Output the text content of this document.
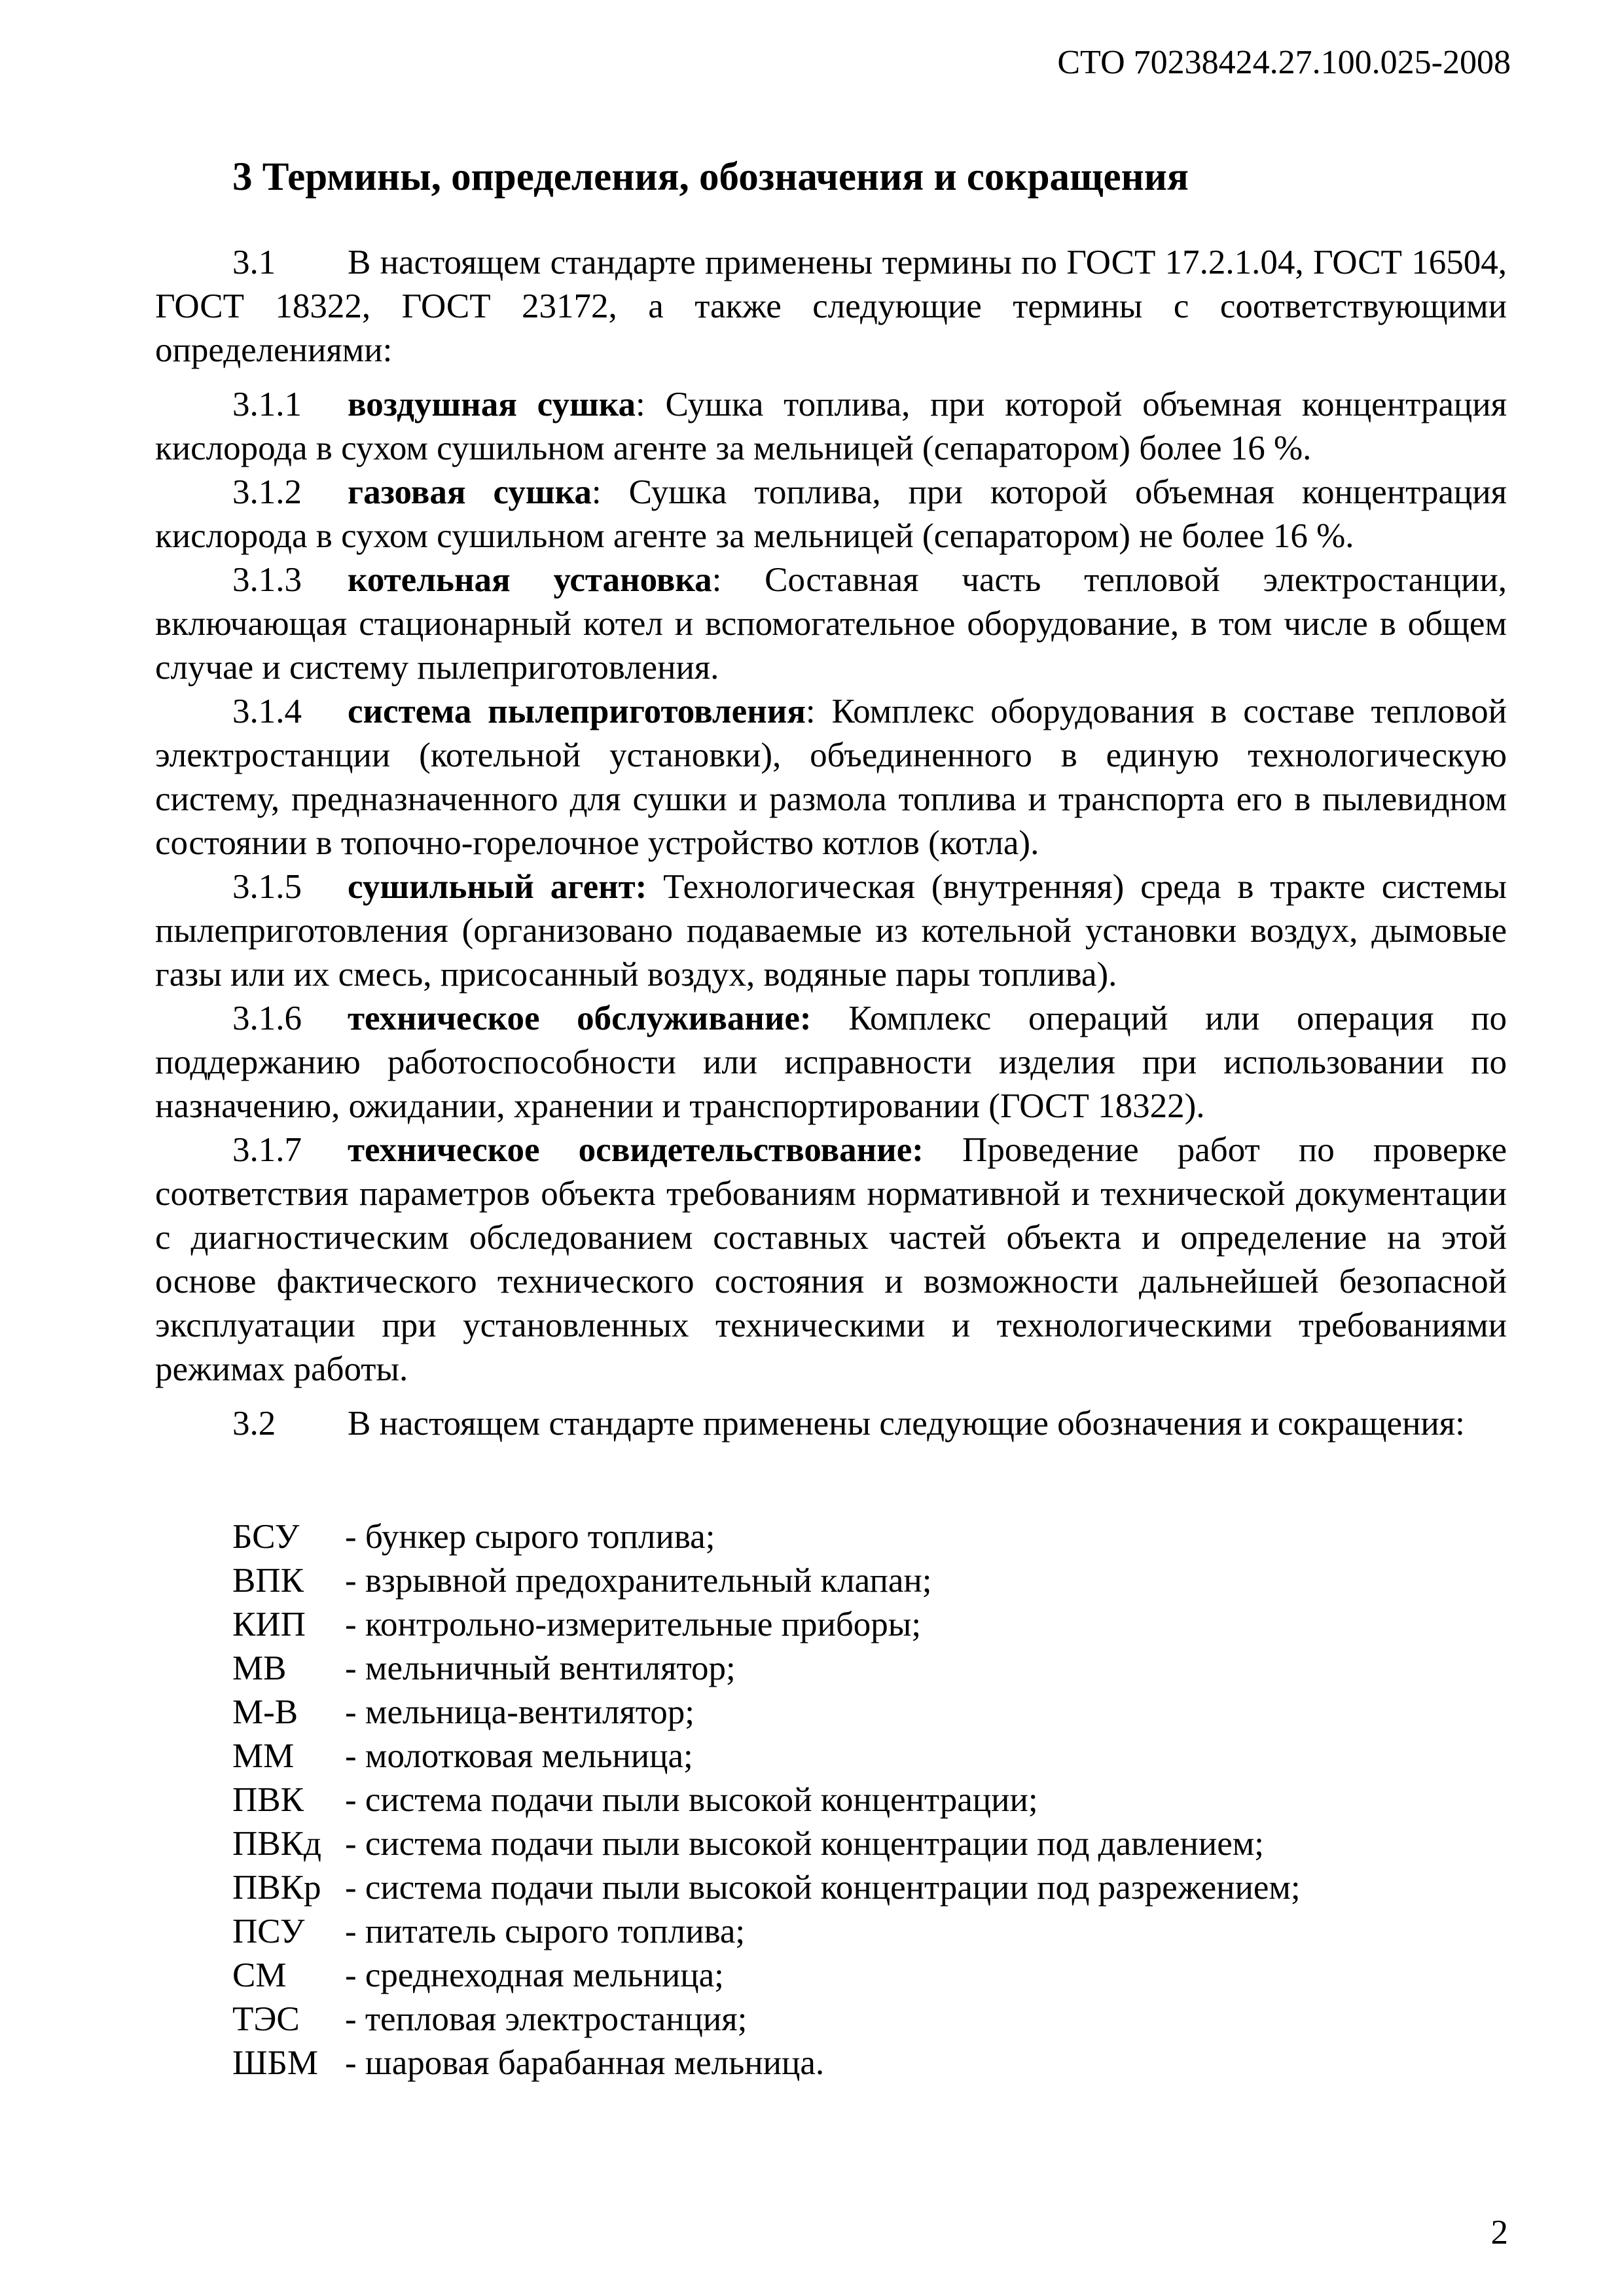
СТО 70238424.27.100.025-2008
3 Термины, определения, обозначения и сокращения

3.1 В настоящем стандарте применены термины по ГОСТ 17.2.1.04, ГОСТ 16504, ГОСТ 18322, ГОСТ 23172, а также следующие термины с соответствующими определениями:

3.1.1 воздушная сушка: Сушка топлива, при которой объемная концентрация кислорода в сухом сушильном агенте за мельницей (сепаратором) более 16 %.

3.1.2 газовая сушка: Сушка топлива, при которой объемная концентрация кислорода в сухом сушильном агенте за мельницей (сепаратором) не более 16 %.

3.1.3 котельная установка: Составная часть тепловой электростанции, включающая стационарный котел и вспомогательное оборудование, в том числе в общем случае и систему пылеприготовления.

3.1.4 система пылеприготовления: Комплекс оборудования в составе тепловой электростанции (котельной установки), объединенного в единую технологическую систему, предназначенного для сушки и размола топлива и транспорта его в пылевидном состоянии в топочно-горелочное устройство котлов (котла).

3.1.5 сушильный агент: Технологическая (внутренняя) среда в тракте системы пылеприготовления (организовано подаваемые из котельной установки воздух, дымовые газы или их смесь, присосанный воздух, водяные пары топлива).

3.1.6 техническое обслуживание: Комплекс операций или операция по поддержанию работоспособности или исправности изделия при использовании по назначению, ожидании, хранении и транспортировании (ГОСТ 18322).

3.1.7 техническое освидетельствование: Проведение работ по проверке соответствия параметров объекта требованиям нормативной и технической документации с диагностическим обследованием составных частей объекта и определение на этой основе фактического технического состояния и возможности дальнейшей безопасной эксплуатации при установленных техническими и технологическими требованиями режимах работы.

3.2 В настоящем стандарте применены следующие обозначения и сокращения:

БСУ	- бункер сырого топлива;
ВПК	- взрывной предохранительный клапан;
КИП	- контрольно-измерительные приборы;
МВ	- мельничный вентилятор;
М-В	- мельница-вентилятор;
ММ	- молотковая мельница;
ПВК	- система подачи пыли высокой концентрации;
ПВКд - система подачи пыли высокой концентрации под давлением;
ПВКр - система подачи пыли высокой концентрации под разрежением;
ПСУ	- питатель сырого топлива;
СМ	- среднеходная мельница;
ТЭС	- тепловая электростанция;
ШБМ - шаровая барабанная мельница.
2
